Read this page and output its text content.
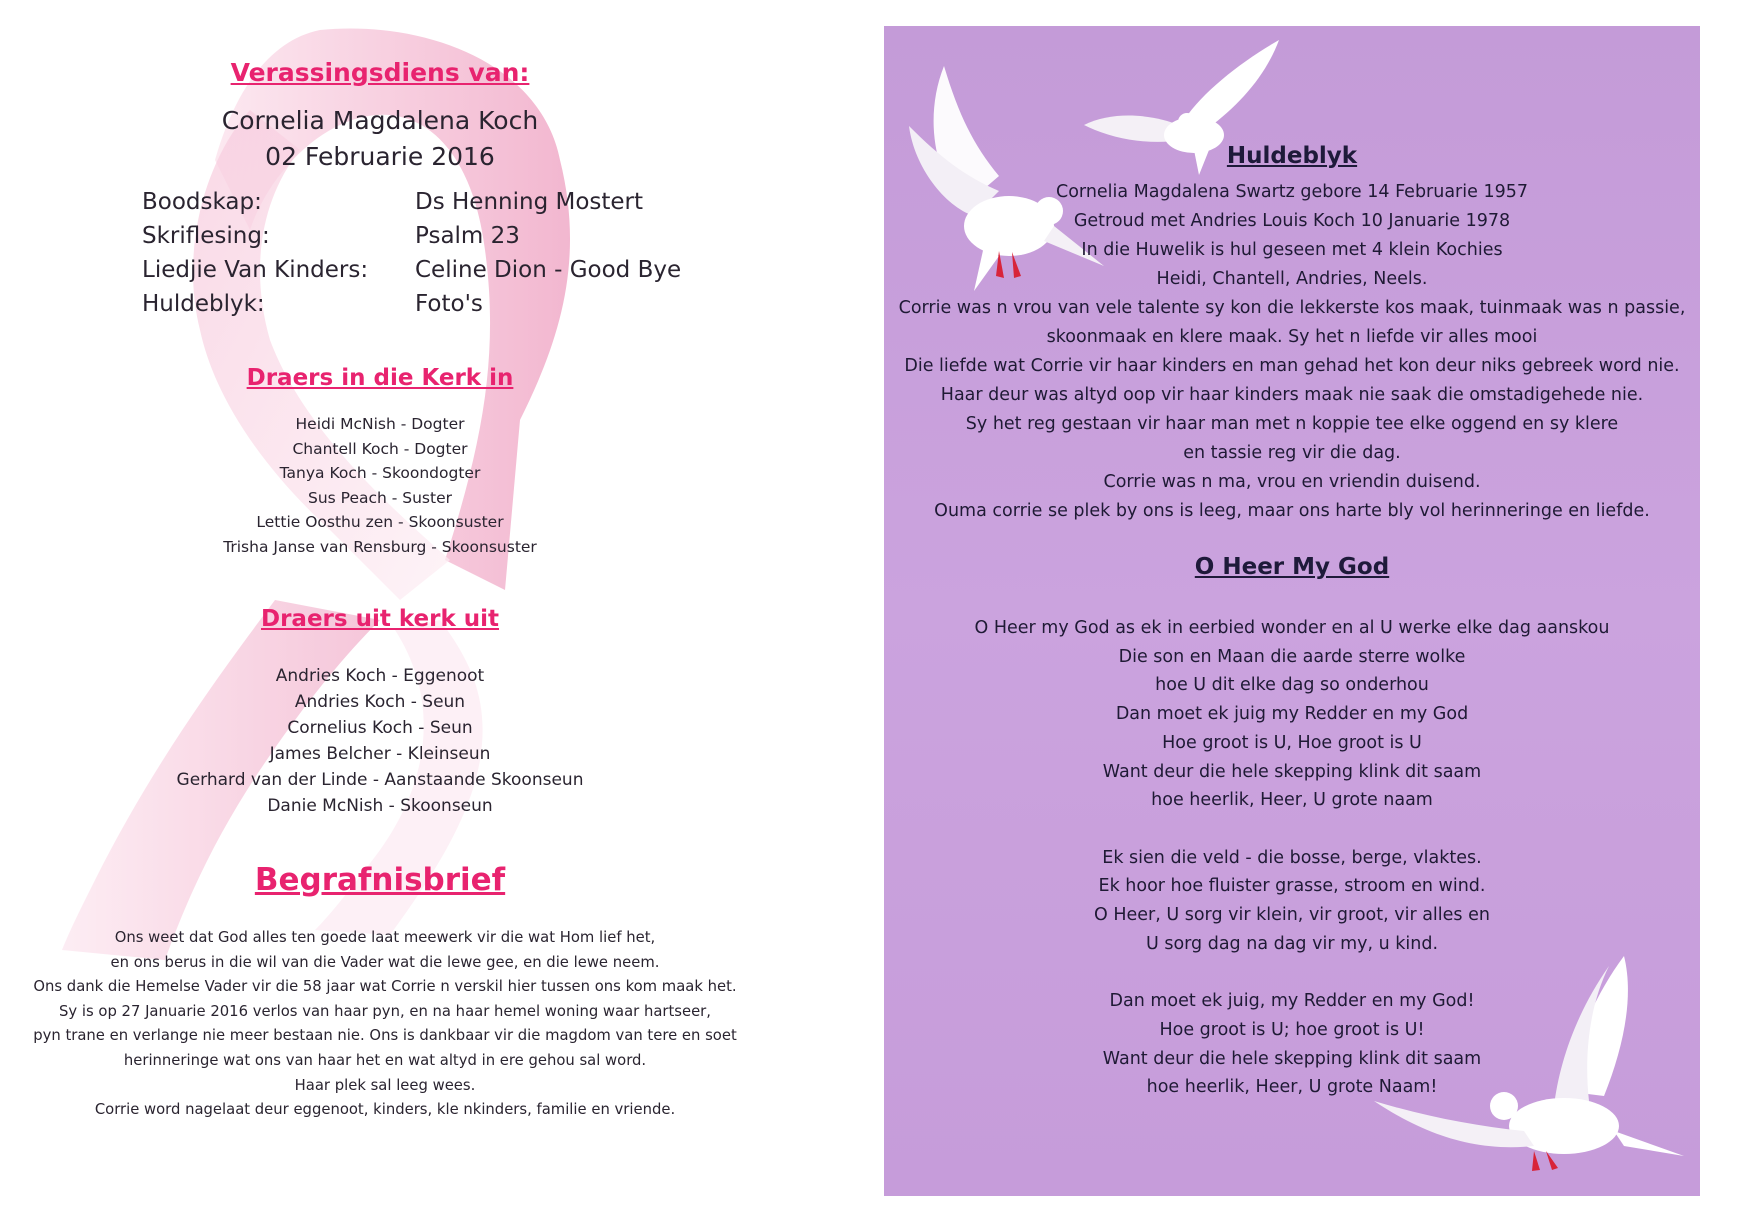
Verassingsdiens van:
Cornelia Magdalena Koch
02 Februarie 2016
Boodskap:	Ds Henning Mostert
Skriflesing:	Psalm 23
Liedjie Van Kinders:	Celine Dion - Good Bye
Huldeblyk:	Foto's
Draers in die Kerk in
Heidi McNish - Dogter
Chantell Koch - Dogter
Tanya Koch - Skoondogter
Sus Peach - Suster
Lettie Oosthu zen - Skoonsuster
Trisha Janse van Rensburg - Skoonsuster
Draers uit kerk uit
Andries Koch - Eggenoot
Andries Koch - Seun
Cornelius Koch - Seun
James Belcher - Kleinseun
Gerhard van der Linde - Aanstaande Skoonseun
Danie McNish - Skoonseun
Begrafnisbrief
Ons weet dat God alles ten goede laat meewerk vir die wat Hom lief het,
en ons berus in die wil van die Vader wat die lewe gee, en die lewe neem.
Ons dank die Hemelse Vader vir die 58 jaar wat Corrie n verskil hier tussen ons kom maak het.
Sy is op 27 Januarie 2016 verlos van haar pyn, en na haar hemel woning waar hartseer,
pyn trane en verlange nie meer bestaan nie. Ons is dankbaar vir die magdom van tere en soet
herinneringe wat ons van haar het en wat altyd in ere gehou sal word.
Haar plek sal leeg wees.
Corrie word nagelaat deur eggenoot, kinders, kle nkinders, familie en vriende.
Huldeblyk
Cornelia Magdalena Swartz gebore 14 Februarie 1957
Getroud met Andries Louis Koch 10 Januarie 1978
In die Huwelik is hul geseen met 4 klein Kochies
Heidi, Chantell, Andries, Neels.
Corrie was n vrou van vele talente sy kon die lekkerste kos maak, tuinmaak was n passie,
skoonmaak en klere maak. Sy het n liefde vir alles mooi
Die liefde wat Corrie vir haar kinders en man gehad het kon deur niks gebreek word nie.
Haar deur was altyd oop vir haar kinders maak nie saak die omstadigehede nie.
Sy het reg gestaan vir haar man met n koppie tee elke oggend en sy klere
en tassie reg vir die dag.
Corrie was n ma, vrou en vriendin duisend.
Ouma corrie se plek by ons is leeg, maar ons harte bly vol herinneringe en liefde.
O Heer My God

O Heer my God as ek in eerbied wonder en al U werke elke dag aanskou
Die son en Maan die aarde sterre wolke
hoe U dit elke dag so onderhou
Dan moet ek juig my Redder en my God
Hoe groot is U, Hoe groot is U
Want deur die hele skepping klink dit saam
hoe heerlik, Heer, U grote naam

Ek sien die veld - die bosse, berge, vlaktes.
Ek hoor hoe fluister grasse, stroom en wind.
O Heer, U sorg vir klein, vir groot, vir alles en
U sorg dag na dag vir my, u kind.

Dan moet ek juig, my Redder en my God!
Hoe groot is U; hoe groot is U!
Want deur die hele skepping klink dit saam
hoe heerlik, Heer, U grote Naam!
